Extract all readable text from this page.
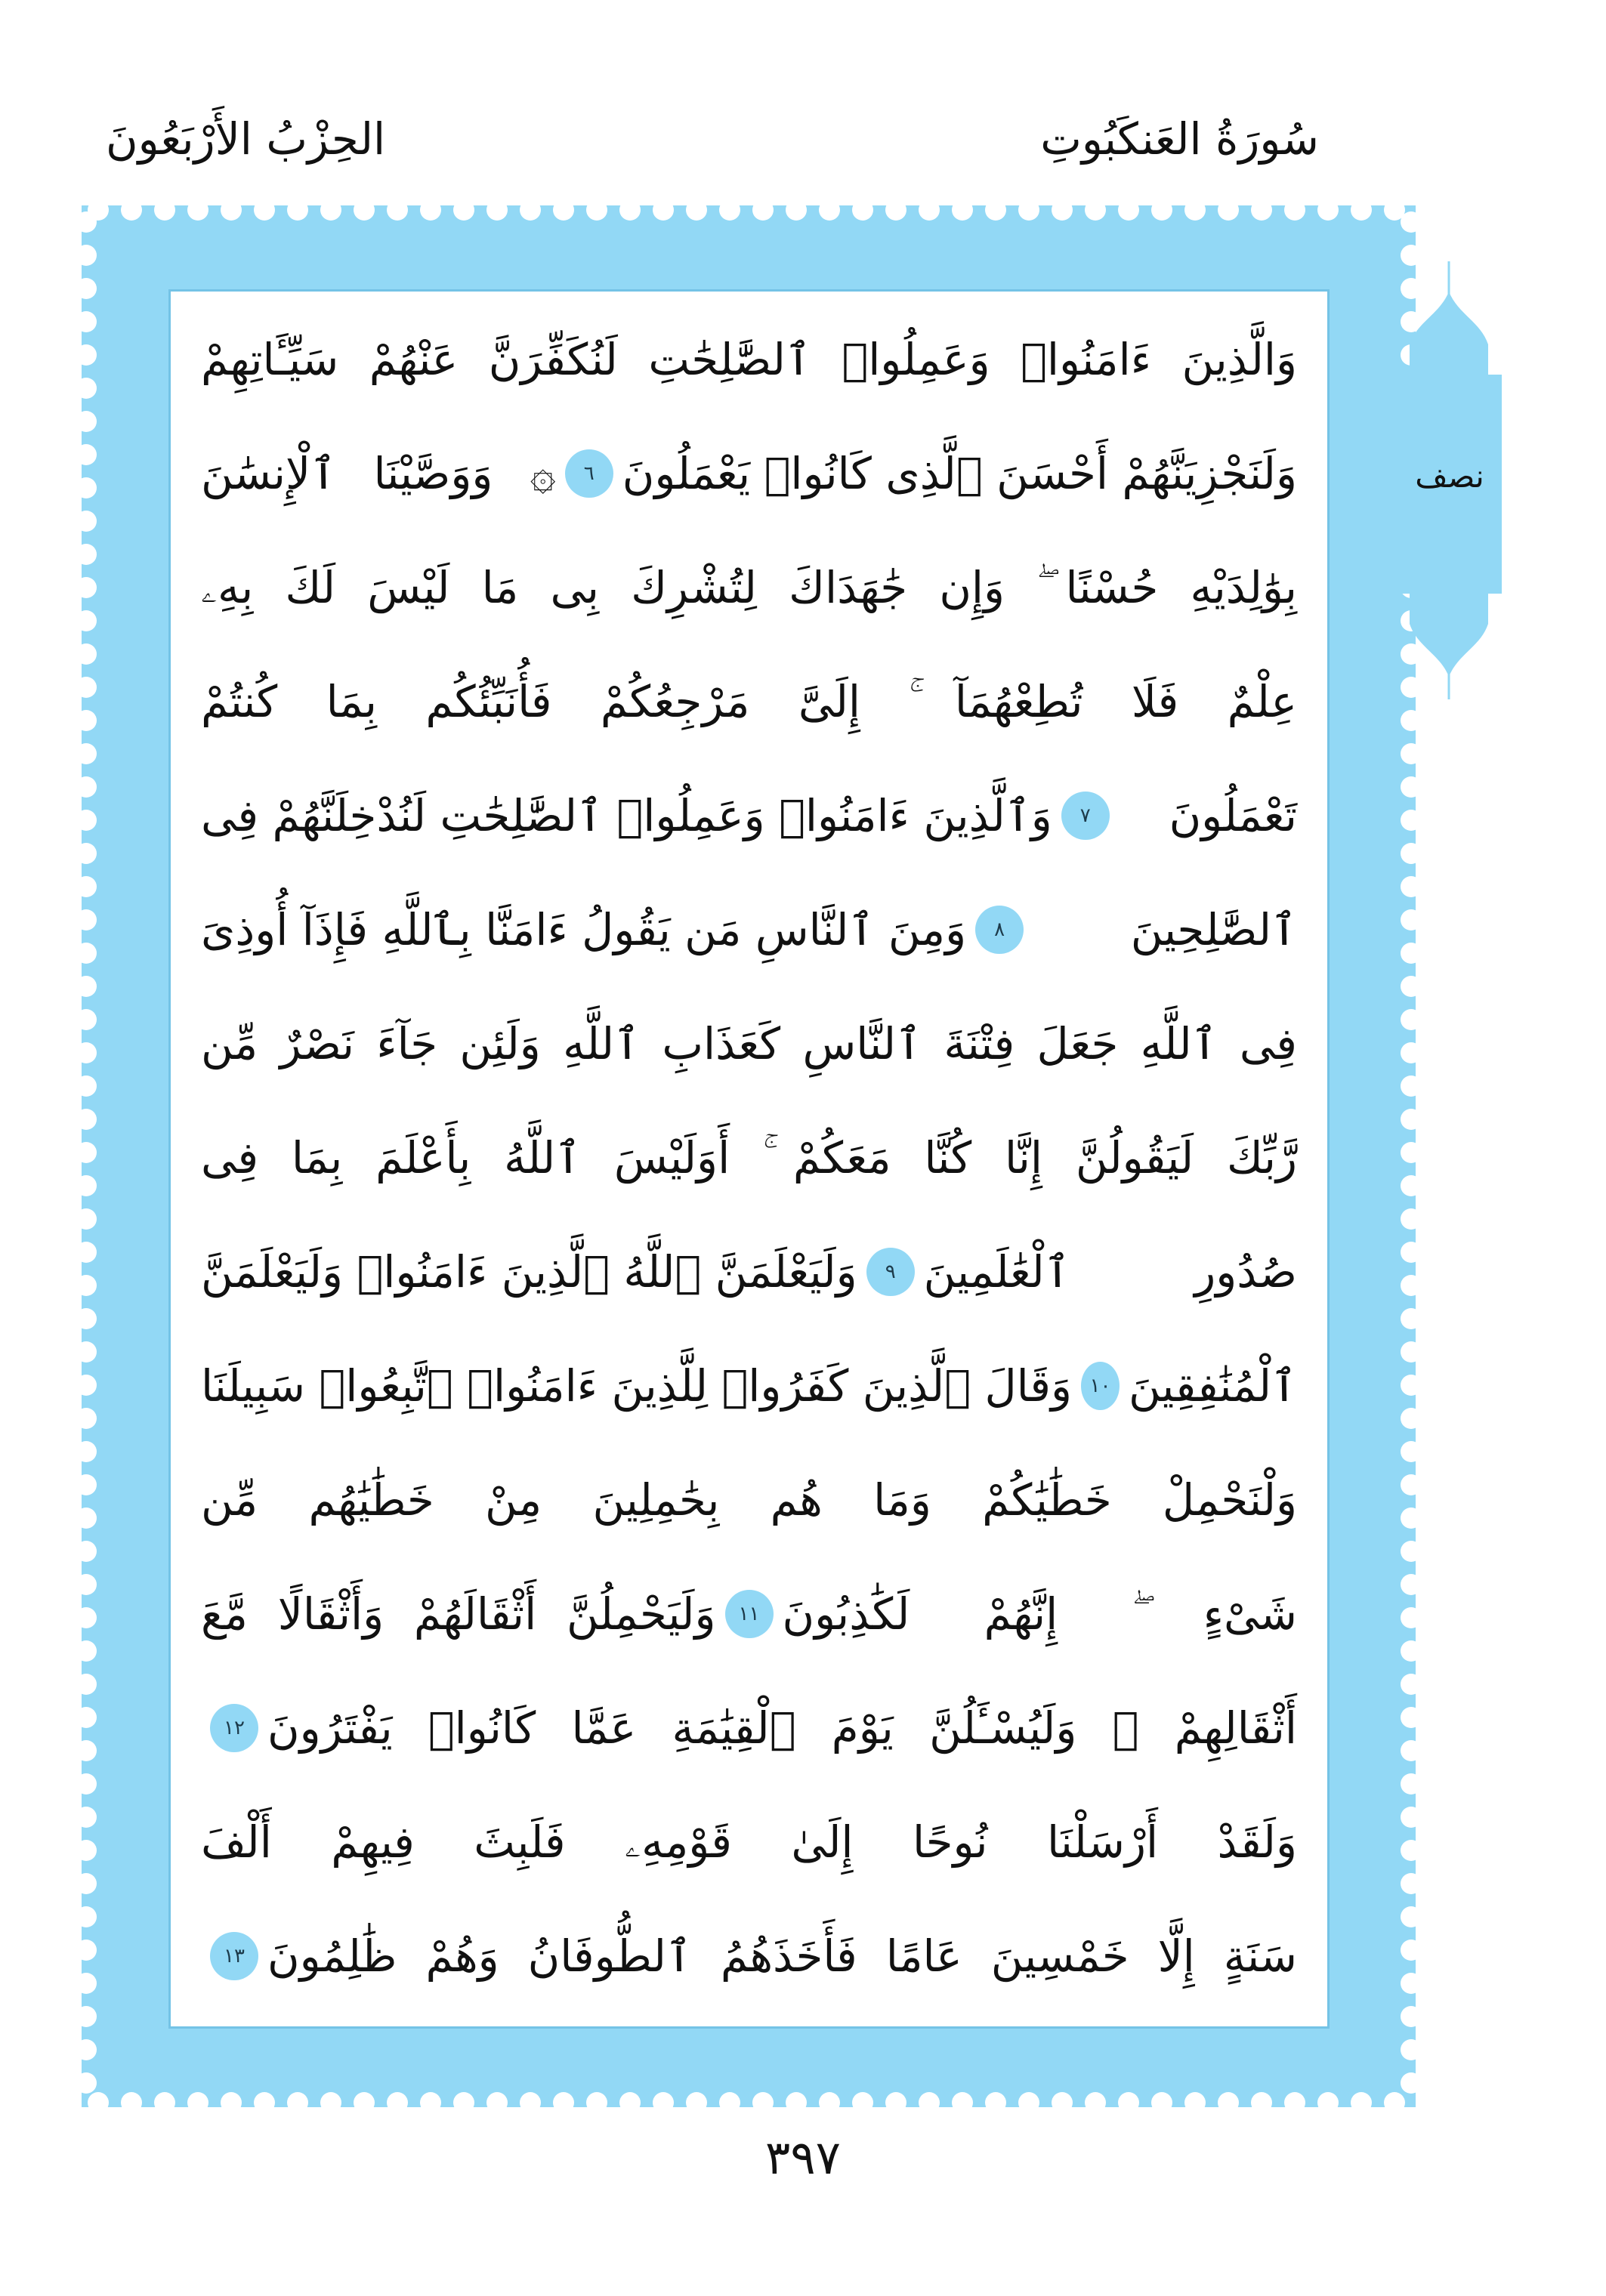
سُورَةُ العَنكَبُوتِ
الحِزْبُ الأَرْبَعُونَ
وَالَّذِينَ ءَامَنُوا۟ وَعَمِلُوا۟ ٱلصَّٰلِحَٰتِ لَنُكَفِّرَنَّ عَنْهُمْ سَيِّـَٔاتِهِمْ
وَلَنَجْزِيَنَّهُمْ أَحْسَنَ ٱلَّذِى كَانُوا۟ يَعْمَلُونَ
٦
۞ وَوَصَّيْنَا ٱلْإِنسَٰنَ
بِوَٰلِدَيْهِ حُسْنًا ۖ وَإِن جَٰهَدَاكَ لِتُشْرِكَ بِى مَا لَيْسَ لَكَ بِهِۦ
عِلْمٌ فَلَا تُطِعْهُمَآ ۚ إِلَىَّ مَرْجِعُكُمْ فَأُنَبِّئُكُم بِمَا كُنتُمْ
تَعْمَلُونَ
٧
وَٱلَّذِينَ ءَامَنُوا۟ وَعَمِلُوا۟ ٱلصَّٰلِحَٰتِ لَنُدْخِلَنَّهُمْ فِى
ٱلصَّٰلِحِينَ
٨
وَمِنَ ٱلنَّاسِ مَن يَقُولُ ءَامَنَّا بِٱللَّهِ فَإِذَآ أُوذِىَ
فِى ٱللَّهِ جَعَلَ فِتْنَةَ ٱلنَّاسِ كَعَذَابِ ٱللَّهِ وَلَئِن جَآءَ نَصْرٌ مِّن
رَّبِّكَ لَيَقُولُنَّ إِنَّا كُنَّا مَعَكُمْ ۚ أَوَلَيْسَ ٱللَّهُ بِأَعْلَمَ بِمَا فِى
صُدُورِ ٱلْعَٰلَمِينَ
٩
وَلَيَعْلَمَنَّ ٱللَّهُ ٱلَّذِينَ ءَامَنُوا۟ وَلَيَعْلَمَنَّ
ٱلْمُنَٰفِقِينَ
١٠
وَقَالَ ٱلَّذِينَ كَفَرُوا۟ لِلَّذِينَ ءَامَنُوا۟ ٱتَّبِعُوا۟ سَبِيلَنَا
وَلْنَحْمِلْ خَطَٰيَٰكُمْ وَمَا هُم بِحَٰمِلِينَ مِنْ خَطَٰيَٰهُم مِّن
شَىْءٍ ۖ إِنَّهُمْ لَكَٰذِبُونَ
١١
وَلَيَحْمِلُنَّ أَثْقَالَهُمْ وَأَثْقَالًا مَّعَ
أَثْقَالِهِمْ ۖ وَلَيُسْـَٔلُنَّ يَوْمَ ٱلْقِيَٰمَةِ عَمَّا كَانُوا۟ يَفْتَرُونَ
١٢
وَلَقَدْ أَرْسَلْنَا نُوحًا إِلَىٰ قَوْمِهِۦ فَلَبِثَ فِيهِمْ أَلْفَ
سَنَةٍ إِلَّا خَمْسِينَ عَامًا فَأَخَذَهُمُ ٱلطُّوفَانُ وَهُمْ ظَٰلِمُونَ
١٣
نصف
٣٩٧
